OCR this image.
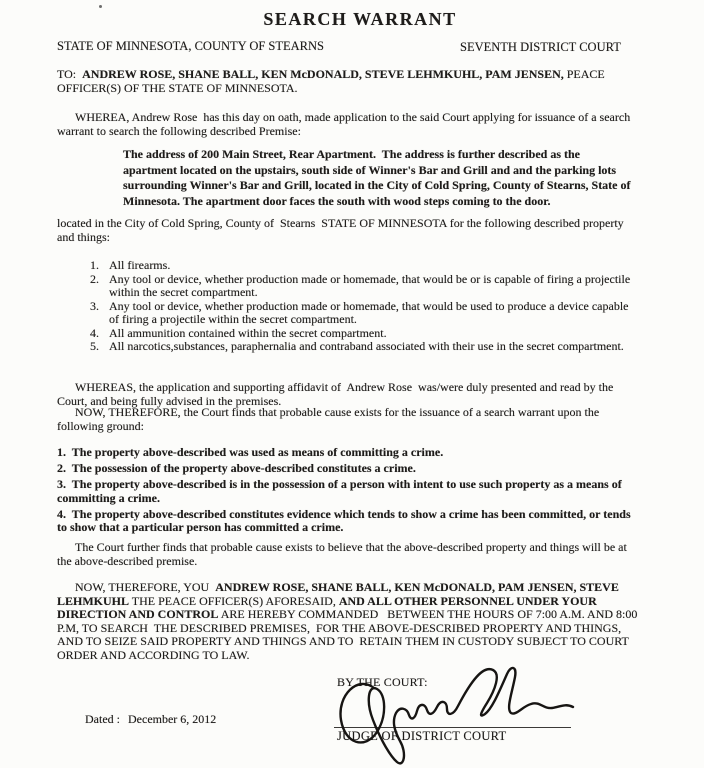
SEARCH WARRANT
STATE OF MINNESOTA, COUNTY OF STEARNS	SEVENTH DISTRICT COURT

TO:  ANDREW ROSE, SHANE BALL, KEN McDONALD, STEVE LEHMKUHL, PAM JENSEN, PEACE OFFICER(S) OF THE STATE OF MINNESOTA.

WHEREA, Andrew Rose  has this day on oath, made application to the said Court applying for issuance of a search warrant to search the following described Premise:

The address of 200 Main Street, Rear Apartment.  The address is further described as the apartment located on the upstairs, south side of Winner's Bar and Grill and and the parking lots surrounding Winner's Bar and Grill, located in the City of Cold Spring, County of Stearns, State of Minnesota. The apartment door faces the south with wood steps coming to the door.

located in the City of Cold Spring, County of  Stearns  STATE OF MINNESOTA for the following described property and things:

1. All firearms.
2. Any tool or device, whether production made or homemade, that would be or is capable of firing a projectile within the secret compartment.
3. Any tool or device, whether production made or homemade, that would be used to produce a device capable of firing a projectile within the secret compartment.
4. All ammunition contained within the secret compartment.
5. All narcotics,substances, paraphernalia and contraband associated with their use in the secret compartment.

WHEREAS, the application and supporting affidavit of  Andrew Rose  was/were duly presented and read by the Court, and being fully advised in the premises.

NOW, THEREFORE, the Court finds that probable cause exists for the issuance of a search warrant upon the following ground:

1.  The property above-described was used as means of committing a crime.
2.  The possession of the property above-described constitutes a crime.
3.  The property above-described is in the possession of a person with intent to use such property as a means of committing a crime.
4.  The property above-described constitutes evidence which tends to show a crime has been committed, or tends to show that a particular person has committed a crime.

The Court further finds that probable cause exists to believe that the above-described property and things will be at the above-described premise.

NOW, THEREFORE, YOU  ANDREW ROSE, SHANE BALL, KEN McDONALD, PAM JENSEN, STEVE LEHMKUHL THE PEACE OFFICER(S) AFORESAID, AND ALL OTHER PERSONNEL UNDER YOUR DIRECTION AND CONTROL ARE HEREBY COMMANDED   BETWEEN THE HOURS OF 7:00 A.M. AND 8:00 P.M, TO SEARCH  THE DESCRIBED PREMISES,  FOR THE ABOVE-DESCRIBED PROPERTY AND THINGS, AND TO SEIZE SAID PROPERTY AND THINGS AND TO  RETAIN THEM IN CUSTODY SUBJECT TO COURT ORDER AND ACCORDING TO LAW.

BY THE COURT:
Dated : December 6, 2012
JUDGE OF DISTRICT COURT
